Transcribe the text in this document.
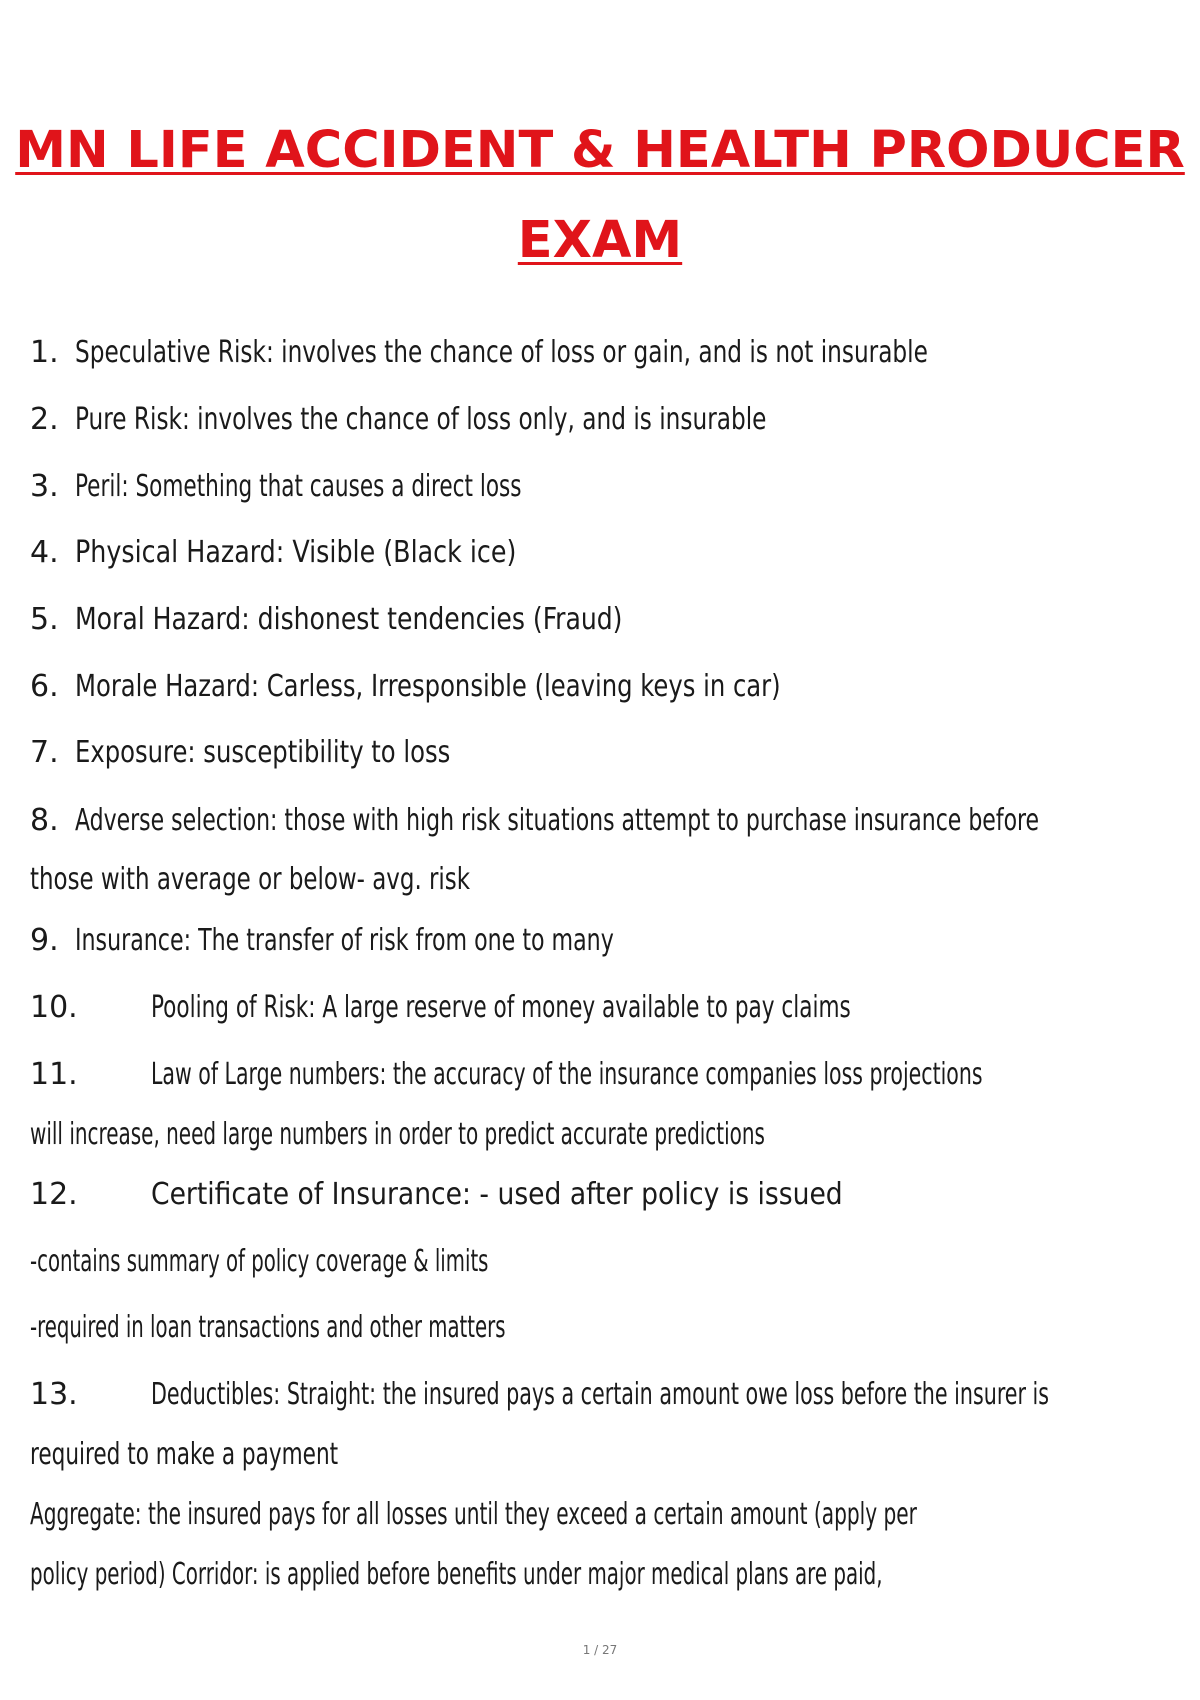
MN LIFE ACCIDENT & HEALTH PRODUCER
EXAM
1. Speculative Risk: involves the chance of loss or gain, and is not insurable
2. Pure Risk: involves the chance of loss only, and is insurable
3. Peril: Something that causes a direct loss
4. Physical Hazard: Visible (Black ice)
5. Moral Hazard: dishonest tendencies (Fraud)
6. Morale Hazard: Carless, Irresponsible (leaving keys in car)
7. Exposure: susceptibility to loss
8. Adverse selection: those with high risk situations attempt to purchase insurance before
those with average or below- avg. risk
9. Insurance: The transfer of risk from one to many
10. Pooling of Risk: A large reserve of money available to pay claims
11. Law of Large numbers: the accuracy of the insurance companies loss projections
will increase, need large numbers in order to predict accurate predictions
12. Certificate of Insurance: - used after policy is issued
-contains summary of policy coverage & limits
-required in loan transactions and other matters
13. Deductibles: Straight: the insured pays a certain amount owe loss before the insurer is
required to make a payment
Aggregate: the insured pays for all losses until they exceed a certain amount (apply per
policy period) Corridor: is applied before benefits under major medical plans are paid,
1 / 27
